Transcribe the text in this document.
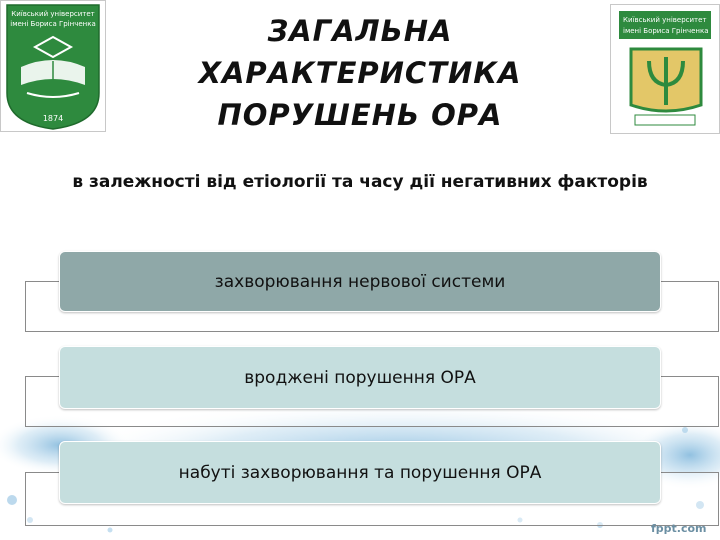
Київський університет
імені Бориса Грінченка
1874
Київський університет
імені Бориса Грінченка
ЗАГАЛЬНА ХАРАКТЕРИСТИКА ПОРУШЕНЬ ОРА
в залежності від етіології та часу дії негативних факторів
захворювання нервової системи
вроджені порушення ОРА
набуті захворювання та порушення ОРА
fppt.com
